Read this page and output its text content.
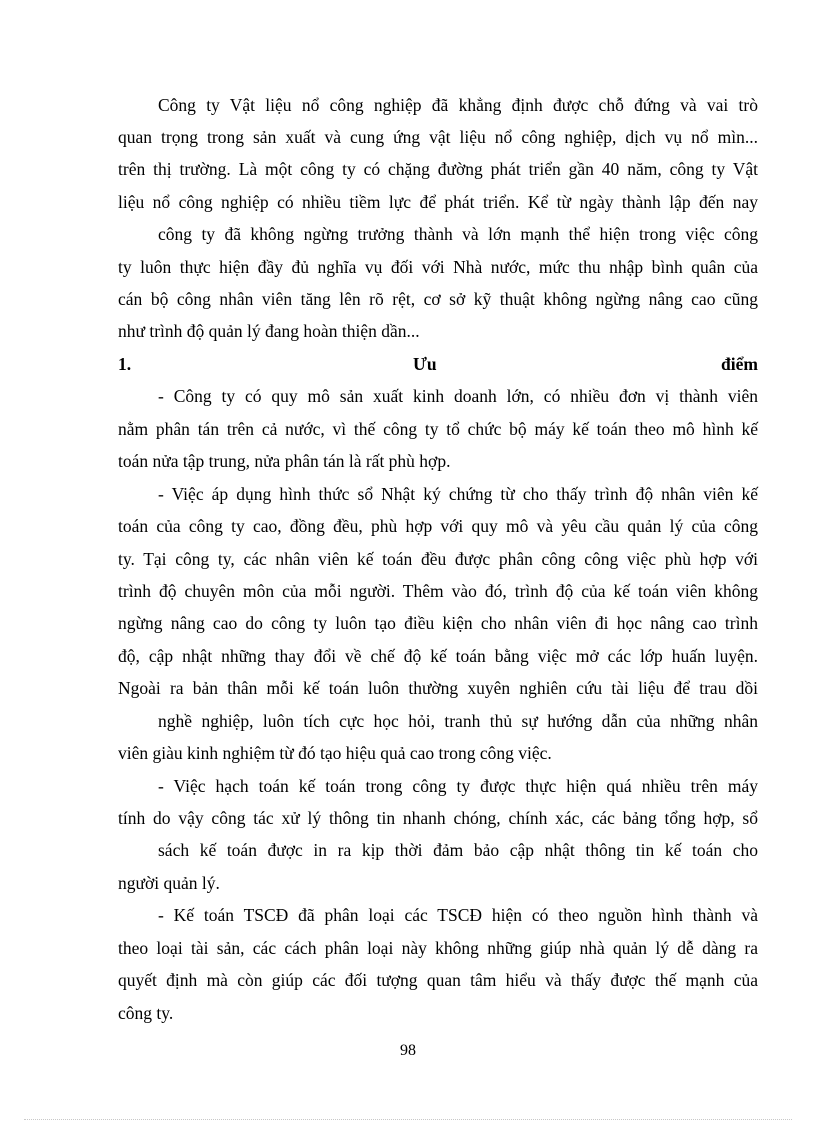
Công ty Vật liệu nổ công nghiệp đã khẳng định được chỗ đứng và vai trò
quan trọng trong sản xuất và cung ứng vật liệu nổ công nghiệp, dịch vụ nổ mìn...
trên thị trường. Là một công ty có chặng đường phát triển gần 40 năm, công ty Vật
liệu nổ công nghiệp có nhiều tiềm lực để phát triển. Kể từ ngày thành lập đến nay
công ty đã không ngừng trưởng thành và lớn mạnh thể hiện trong việc công
ty luôn thực hiện đầy đủ nghĩa vụ đối với Nhà nước, mức thu nhập bình quân của
cán bộ công nhân viên tăng lên rõ rệt, cơ sở kỹ thuật không ngừng nâng cao cũng
như trình độ quản lý đang hoàn thiện dần...
1.	Ưu	điểm
- Công ty có quy mô sản xuất kinh doanh lớn, có nhiều đơn vị thành viên
nằm phân tán trên cả nước, vì thế công ty tổ chức bộ máy kế toán theo mô hình kế
toán nửa tập trung, nửa phân tán là rất phù hợp.
- Việc áp dụng hình thức sổ Nhật ký chứng từ cho thấy trình độ nhân viên kế
toán của công ty cao, đồng đều, phù hợp với quy mô và yêu cầu quản lý của công
ty. Tại công ty, các nhân viên kế toán đều được phân công công việc phù hợp với
trình độ chuyên môn của mỗi người. Thêm vào đó, trình độ của kế toán viên không
ngừng nâng cao do công ty luôn tạo điều kiện cho nhân viên đi học nâng cao trình
độ, cập nhật những thay đổi về chế độ kế toán bằng việc mở các lớp huấn luyện.
Ngoài ra bản thân mỗi kế toán luôn thường xuyên nghiên cứu tài liệu để trau dồi
nghề nghiệp, luôn tích cực học hỏi, tranh thủ sự hướng dẫn của những nhân
viên giàu kinh nghiệm từ đó tạo hiệu quả cao trong công việc.
- Việc hạch toán kế toán trong công ty được thực hiện quá nhiều trên máy
tính do vậy công tác xử lý thông tin nhanh chóng, chính xác, các bảng tổng hợp, sổ
sách kế toán được in ra kịp thời đảm bảo cập nhật thông tin kế toán cho
người quản lý.
- Kế toán TSCĐ đã phân loại các TSCĐ hiện có theo nguồn hình thành và
theo loại tài sản, các cách phân loại này không những giúp nhà quản lý dễ dàng ra
quyết định mà còn giúp các đối tượng quan tâm hiểu và thấy được thế mạnh của
công ty.
98
